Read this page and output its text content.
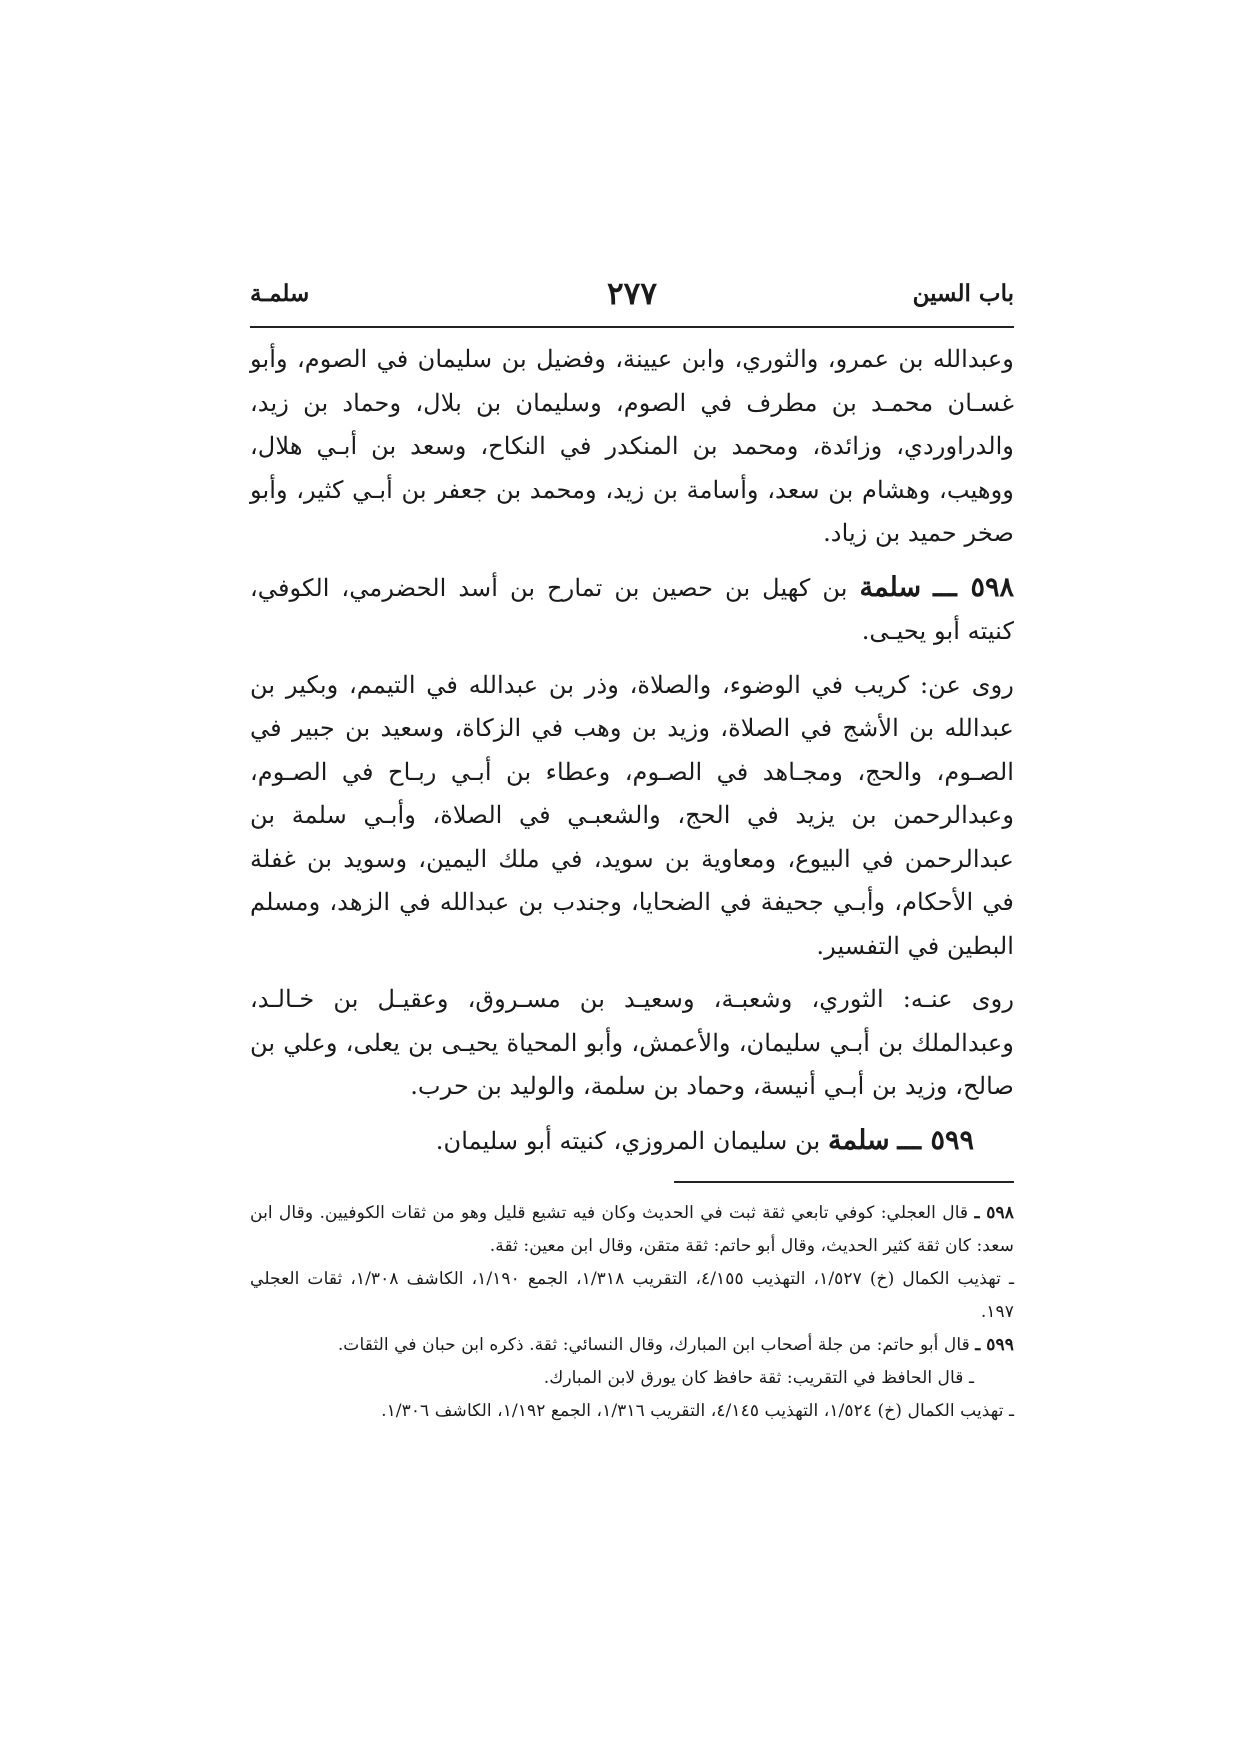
باب السين
٢٧٧
سلمـة

وعبدالله بن عمرو، والثوري، وابن عيينة، وفضيل بن سليمان في الصوم، وأبو غسـان محمـد بن مطرف في الصوم، وسليمان بن بلال، وحماد بن زيد، والدراوردي، وزائدة، ومحمد بن المنكدر في النكاح، وسعد بن أبـي هلال، ووهيب، وهشام بن سعد، وأسامة بن زيد، ومحمد بن جعفر بن أبـي كثير، وأبو صخر حميد بن زياد.

٥٩٨ ـــ سلمة بن كهيل بن حصين بن تمارح بن أسد الحضرمي، الكوفي، كنيته أبو يحيـى.

روى عن: كريب في الوضوء، والصلاة، وذر بن عبدالله في التيمم، وبكير بن عبدالله بن الأشج في الصلاة، وزيد بن وهب في الزكاة، وسعيد بن جبير في الصـوم، والحج، ومجـاهد في الصـوم، وعطاء بن أبـي ربـاح في الصـوم، وعبدالرحمن بن يزيد في الحج، والشعبـي في الصلاة، وأبـي سلمة بن عبدالرحمن في البيوع، ومعاوية بن سويد، في ملك اليمين، وسويد بن غفلة في الأحكام، وأبـي جحيفة في الضحايا، وجندب بن عبدالله في الزهد، ومسلم البطين في التفسير.

روى عنـه: الثوري، وشعبـة، وسعيـد بن مسـروق، وعقيـل بن خـالـد، وعبدالملك بن أبـي سليمان، والأعمش، وأبو المحياة يحيـى بن يعلى، وعلي بن صالح، وزيد بن أبـي أنيسة، وحماد بن سلمة، والوليد بن حرب.

٥٩٩ ـــ سلمة بن سليمان المروزي، كنيته أبو سليمان.

٥٩٨ ـ قال العجلي: كوفي تابعي ثقة ثبت في الحديث وكان فيه تشيع قليل وهو من ثقات الكوفيين. وقال ابن سعد: كان ثقة كثير الحديث، وقال أبو حاتم: ثقة متقن، وقال ابن معين: ثقة.

ـ تهذيب الكمال (خ) ١/٥٢٧، التهذيب ٤/١٥٥، التقريب ١/٣١٨، الجمع ١/١٩٠، الكاشف ١/٣٠٨، ثقات العجلي ١٩٧.

٥٩٩ ـ قال أبو حاتم: من جلة أصحاب ابن المبارك، وقال النسائي: ثقة. ذكره ابن حبان في الثقات.

ـ قال الحافظ في التقريب: ثقة حافظ كان يورق لابن المبارك.

ـ تهذيب الكمال (خ) ١/٥٢٤، التهذيب ٤/١٤٥، التقريب ١/٣١٦، الجمع ١/١٩٢، الكاشف ١/٣٠٦.
